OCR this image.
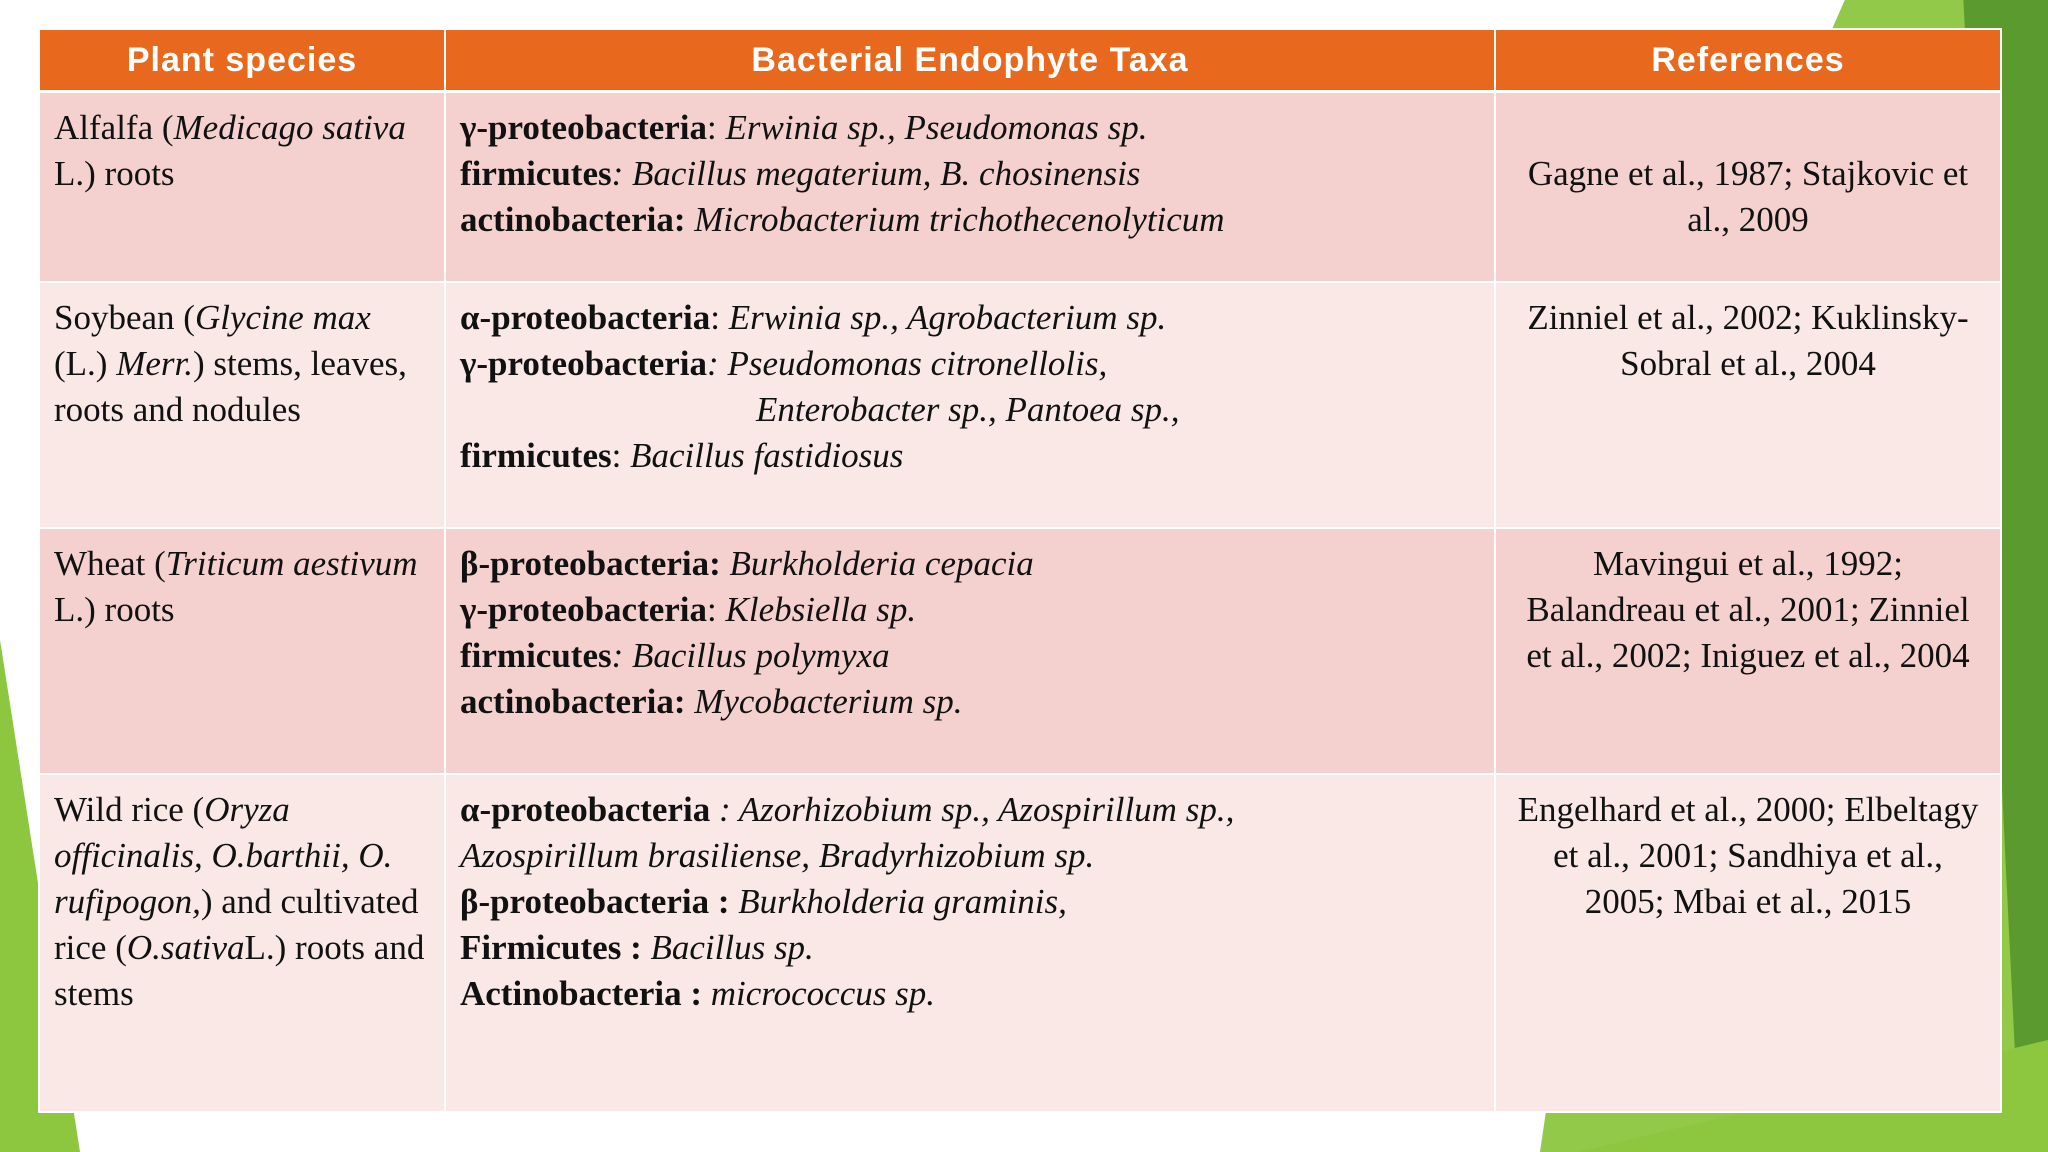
Plant species	Bacterial Endophyte Taxa	References
Alfalfa (Medicago sativa L.) roots	γ-proteobacteria: Erwinia sp., Pseudomonas sp.
firmicutes: Bacillus megaterium, B. chosinensis
actinobacteria: Microbacterium trichothecenolyticum	Gagne et al., 1987; Stajkovic et al., 2009
Soybean (Glycine max (L.) Merr.) stems, leaves, roots and nodules	α-proteobacteria: Erwinia sp., Agrobacterium sp.
γ-proteobacteria: Pseudomonas citronellolis,
Enterobacter sp., Pantoea sp.,
firmicutes: Bacillus fastidiosus	Zinniel et al., 2002; Kuklinsky-Sobral et al., 2004
Wheat (Triticum aestivum L.) roots	β-proteobacteria: Burkholderia cepacia
γ-proteobacteria: Klebsiella sp.
firmicutes: Bacillus polymyxa
actinobacteria: Mycobacterium sp.	Mavingui et al., 1992; Balandreau et al., 2001; Zinniel et al., 2002; Iniguez et al., 2004
Wild rice (Oryza officinalis, O.barthii, O. rufipogon,) and cultivated rice (O.sativaL.) roots and stems	α-proteobacteria : Azorhizobium sp., Azospirillum sp.,
Azospirillum brasiliense, Bradyrhizobium sp.
β-proteobacteria : Burkholderia graminis,
Firmicutes : Bacillus sp.
Actinobacteria : micrococcus sp.	Engelhard et al., 2000; Elbeltagy et al., 2001; Sandhiya et al., 2005; Mbai et al., 2015
